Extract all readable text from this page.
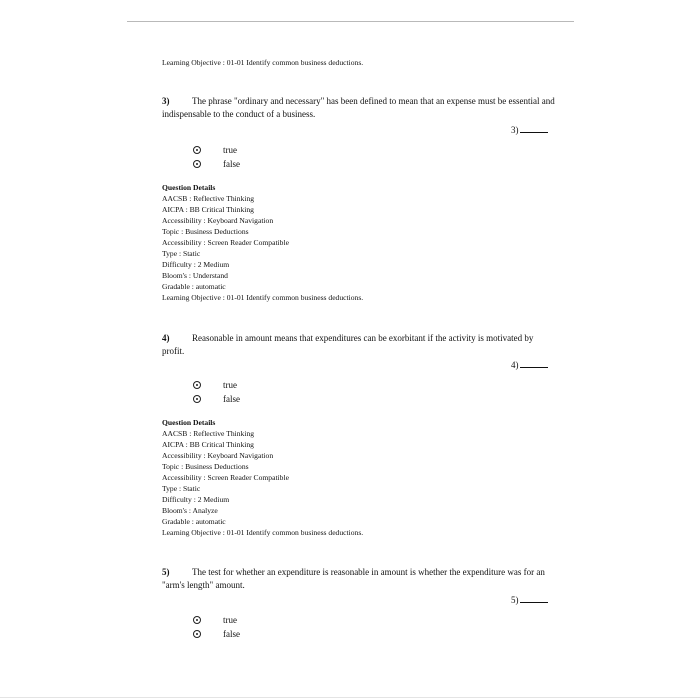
Learning Objective : 01-01 Identify common business deductions.
3)	The phrase "ordinary and necessary" has been defined to mean that an expense must be essential and indispensable to the conduct of a business.
3)
true
false
Question Details
AACSB : Reflective Thinking
AICPA : BB Critical Thinking
Accessibility : Keyboard Navigation
Topic : Business Deductions
Accessibility : Screen Reader Compatible
Type : Static
Difficulty : 2 Medium
Bloom's : Understand
Gradable : automatic
Learning Objective : 01-01 Identify common business deductions.
4)	Reasonable in amount means that expenditures can be exorbitant if the activity is motivated by profit.
4)
true
false
Question Details
AACSB : Reflective Thinking
AICPA : BB Critical Thinking
Accessibility : Keyboard Navigation
Topic : Business Deductions
Accessibility : Screen Reader Compatible
Type : Static
Difficulty : 2 Medium
Bloom's : Analyze
Gradable : automatic
Learning Objective : 01-01 Identify common business deductions.
5)	The test for whether an expenditure is reasonable in amount is whether the expenditure was for an "arm's length" amount.
5)
true
false
